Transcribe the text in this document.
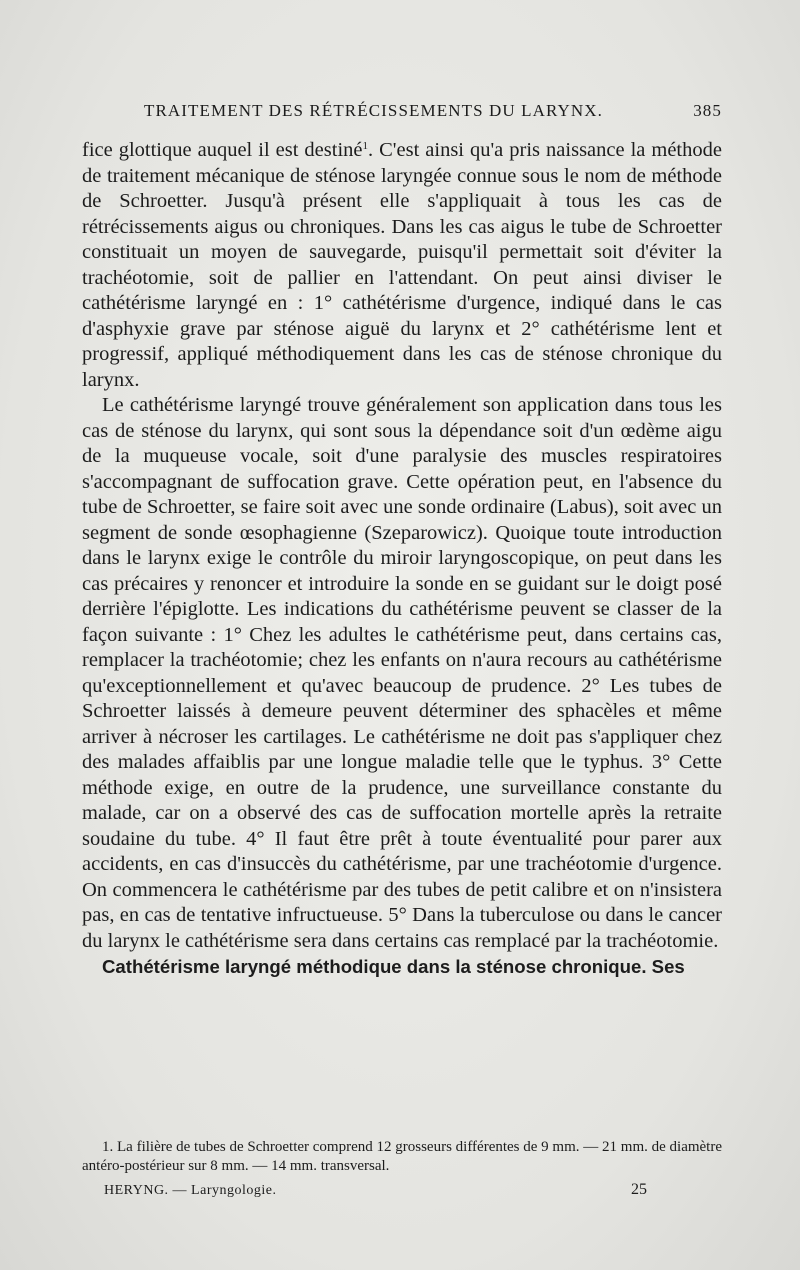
TRAITEMENT DES RÉTRÉCISSEMENTS DU LARYNX.	385

fice glottique auquel il est destiné$^1$. C'est ainsi qu'a pris naissance la méthode de traitement mécanique de sténose laryngée connue sous le nom de méthode de Schroetter. Jusqu'à présent elle s'appliquait à tous les cas de rétrécissements aigus ou chroniques. Dans les cas aigus le tube de Schroetter constituait un moyen de sauvegarde, puisqu'il permettait soit d'éviter la trachéotomie, soit de pallier en l'attendant. On peut ainsi diviser le cathétérisme laryngé en : 1° cathétérisme d'urgence, indiqué dans le cas d'asphyxie grave par sténose aiguë du larynx et 2° cathétérisme lent et progressif, appliqué méthodiquement dans les cas de sténose chronique du larynx.

Le cathétérisme laryngé trouve généralement son application dans tous les cas de sténose du larynx, qui sont sous la dépendance soit d'un œdème aigu de la muqueuse vocale, soit d'une paralysie des muscles respiratoires s'accompagnant de suffocation grave. Cette opération peut, en l'absence du tube de Schroetter, se faire soit avec une sonde ordinaire (Labus), soit avec un segment de sonde œsophagienne (Szeparowicz). Quoique toute introduction dans le larynx exige le contrôle du miroir laryngoscopique, on peut dans les cas précaires y renoncer et introduire la sonde en se guidant sur le doigt posé derrière l'épiglotte. Les indications du cathétérisme peuvent se classer de la façon suivante : 1° Chez les adultes le cathétérisme peut, dans certains cas, remplacer la trachéotomie; chez les enfants on n'aura recours au cathétérisme qu'exceptionnellement et qu'avec beaucoup de prudence. 2° Les tubes de Schroetter laissés à demeure peuvent déterminer des sphacèles et même arriver à nécroser les cartilages. Le cathétérisme ne doit pas s'appliquer chez des malades affaiblis par une longue maladie telle que le typhus. 3° Cette méthode exige, en outre de la prudence, une surveillance constante du malade, car on a observé des cas de suffocation mortelle après la retraite soudaine du tube. 4° Il faut être prêt à toute éventualité pour parer aux accidents, en cas d'insuccès du cathétérisme, par une trachéotomie d'urgence. On commencera le cathétérisme par des tubes de petit calibre et on n'insistera pas, en cas de tentative infructueuse. 5° Dans la tuberculose ou dans le cancer du larynx le cathétérisme sera dans certains cas remplacé par la trachéotomie.

Cathétérisme laryngé méthodique dans la sténose chronique. Ses

1. La filière de tubes de Schroetter comprend 12 grosseurs différentes de 9 mm. — 21 mm. de diamètre antéro-postérieur sur 8 mm. — 14 mm. transversal.
HERYNG. — Laryngologie.	25
